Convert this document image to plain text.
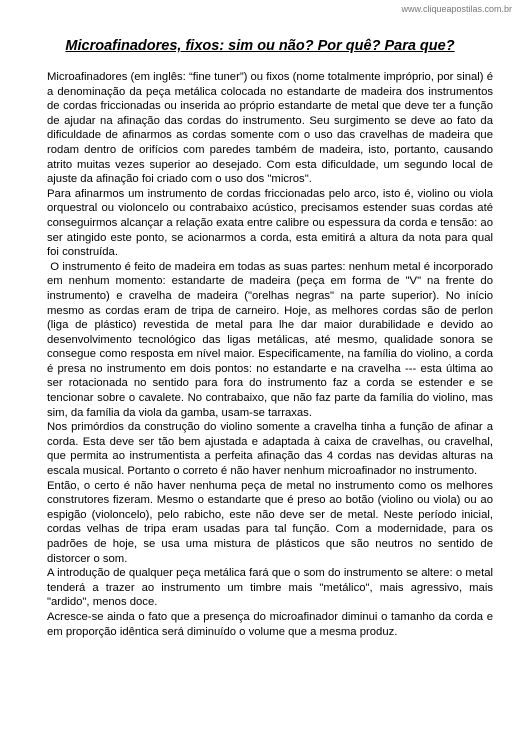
www.cliqueapostilas.com.br
Microafinadores, fixos: sim ou não? Por quê? Para que?

Microafinadores (em inglês: “fine tuner”) ou fixos (nome totalmente impróprio, por sinal) é a denominação da peça metálica colocada no estandarte de madeira dos instrumentos de cordas friccionadas ou inserida ao próprio estandarte de metal que deve ter a função de ajudar na afinação das cordas do instrumento. Seu surgimento se deve ao fato da dificuldade de afinarmos as cordas somente com o uso das cravelhas de madeira que rodam dentro de orifícios com paredes também de madeira, isto, portanto, causando atrito muitas vezes superior ao desejado. Com esta dificuldade, um segundo local de ajuste da afinação foi criado com o uso dos "micros".

Para afinarmos um instrumento de cordas friccionadas pelo arco, isto é, violino ou viola orquestral ou violoncelo ou contrabaixo acústico, precisamos estender suas cordas até conseguirmos alcançar a relação exata entre calibre ou espessura da corda e tensão: ao ser atingido este ponto, se acionarmos a corda, esta emitirá a altura da nota para qual foi construída.

O instrumento é feito de madeira em todas as suas partes: nenhum metal é incorporado em nenhum momento: estandarte de madeira (peça em forma de "V" na frente do instrumento) e cravelha de madeira ("orelhas negras" na parte superior). No início mesmo as cordas eram de tripa de carneiro. Hoje, as melhores cordas são de perlon (liga de plástico) revestida de metal para lhe dar maior durabilidade e devido ao desenvolvimento tecnológico das ligas metálicas, até mesmo, qualidade sonora se consegue como resposta em nível maior. Especificamente, na família do violino, a corda é presa no instrumento em dois pontos: no estandarte e na cravelha --- esta última ao ser rotacionada no sentido para fora do instrumento faz a corda se estender e se tencionar sobre o cavalete. No contrabaixo, que não faz parte da família do violino, mas sim, da família da viola da gamba, usam-se tarraxas.

Nos primórdios da construção do violino somente a cravelha tinha a função de afinar a corda. Esta deve ser tão bem ajustada e adaptada à caixa de cravelhas, ou cravelhal, que permita ao instrumentista a perfeita afinação das 4 cordas nas devidas alturas na escala musical. Portanto o correto é não haver nenhum microafinador no instrumento.

Então, o certo é não haver nenhuma peça de metal no instrumento como os melhores construtores fizeram. Mesmo o estandarte que é preso ao botão (violino ou viola) ou ao espigão (violoncelo), pelo rabicho, este não deve ser de metal. Neste período inicial, cordas velhas de tripa eram usadas para tal função. Com a modernidade, para os padrões de hoje, se usa uma mistura de plásticos que são neutros no sentido de distorcer o som.

A introdução de qualquer peça metálica fará que o som do instrumento se altere: o metal tenderá a trazer ao instrumento um timbre mais "metálico", mais agressivo, mais "ardido", menos doce.

Acresce-se ainda o fato que a presença do microafinador diminui o tamanho da corda e em proporção idêntica será diminuído o volume que a mesma produz.
